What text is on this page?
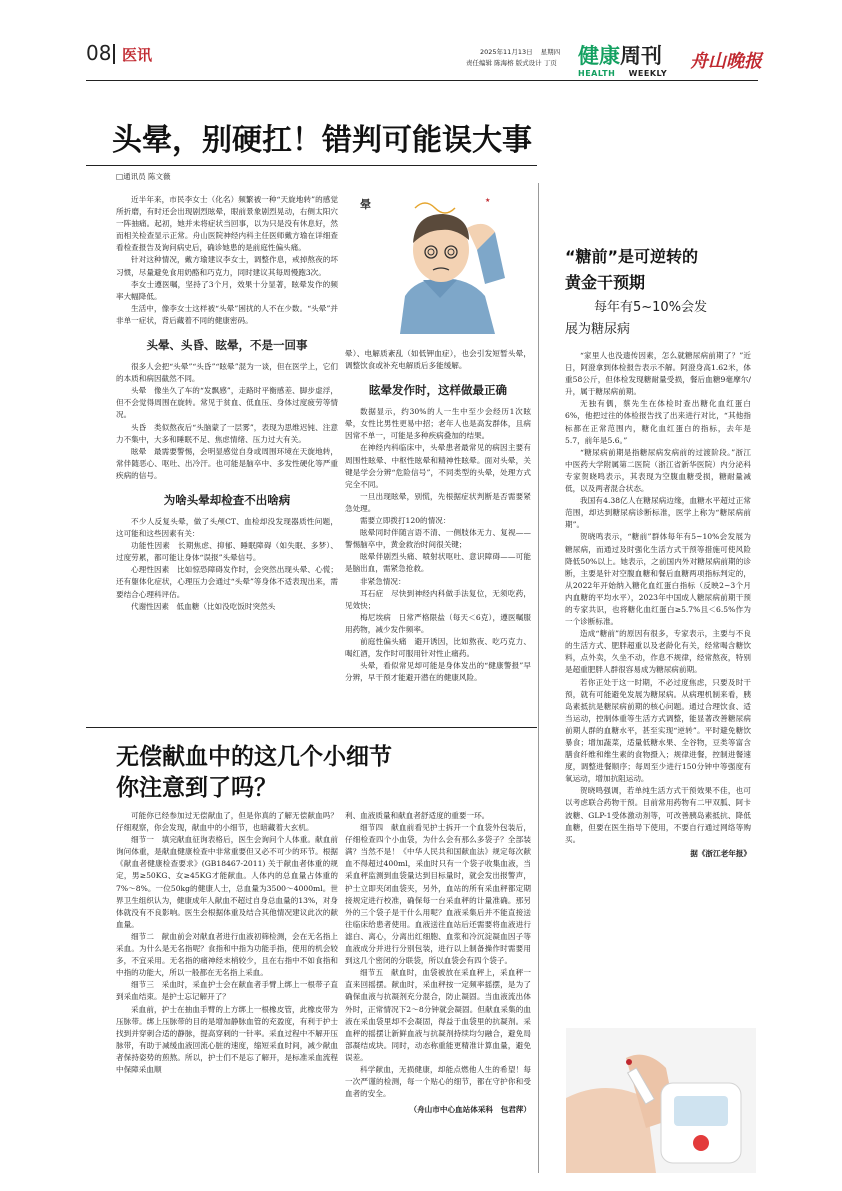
08 医讯	2025年11月13日 星期四
责任编辑 陈海榕 版式设计 丁页 健康周刊
HEALTH WEEKLY
舟山晚报
头晕，别硬扛！错判可能误大事
□通讯员 陈文薇
★
晕

近半年来，市民李女士（化名）频繁被一种“天旋地转”的感觉所折磨，有时还会出现剧烈眩晕，眼前景象剧烈晃动，右侧太阳穴一阵抽痛。起初，她并未将症状当回事，以为只是没有休息好，然而相关检查显示正常。舟山医院神经内科主任医师戴方瑜在详细查看检查报告及询问病史后，确诊她患的是前庭性偏头痛。

针对这种情况，戴方瑜建议李女士，调整作息，戒掉熬夜的坏习惯，尽量避免食用奶酪和巧克力，同时建议其每周慢跑3次。

李女士遵医嘱，坚持了3个月，效果十分显著，眩晕发作的频率大幅降低。

生活中，像李女士这样被“头晕”困扰的人不在少数。“头晕”并非单一症状，背后藏着不同的健康密码。

头晕、头昏、眩晕，不是一回事

很多人会把“头晕”“头昏”“眩晕”混为一谈，但在医学上，它们的本质和病因截然不同。

头晕　像坐久了车的“发飘感”，走路时平衡感差、脚步虚浮，但不会觉得周围在旋转。常见于贫血、低血压、身体过度疲劳等情况。

头昏　类似熬夜后“头脑蒙了一层雾”，表现为思维迟钝、注意力不集中，大多和睡眠不足、焦虑情绪、压力过大有关。

眩晕　最需要警惕，会明显感觉自身或周围环境在天旋地转，常伴随恶心、呕吐、出冷汗。也可能是脑卒中、多发性硬化等严重疾病的信号。

为啥头晕却检查不出啥病

不少人反复头晕，做了头颅CT、血检却没发现器质性问题，这可能和这些因素有关：

功能性因素　长期焦虑、抑郁、睡眠障碍（如失眠、多梦）、过度劳累，都可能让身体“误报”头晕信号。

心理性因素　比如惊恐障碍发作时，会突然出现头晕、心慌；还有躯体化症状，心理压力会通过“头晕”等身体不适表现出来，需要结合心理科评估。

代谢性因素　低血糖（比如没吃饭时突然头

晕）、电解质紊乱（如低钾血症），也会引发短暂头晕，调整饮食或补充电解质后多能缓解。

眩晕发作时，这样做最正确

数据显示，约30%的人一生中至少会经历1次眩晕，女性比男性更易中招；老年人也是高发群体，且病因常不单一，可能是多种疾病叠加的结果。

在神经内科临床中，头晕患者最常见的病因主要有周围性眩晕、中枢性眩晕和精神性眩晕。面对头晕，关键是学会分辨“危险信号”，不同类型的头晕，处理方式完全不同。

一旦出现眩晕，别慌，先根据症状判断是否需要紧急处理。

需要立即拨打120的情况：

眩晕同时伴随言语不清、一侧肢体无力、复视——警惕脑卒中，黄金救治时间很关键；

眩晕伴剧烈头痛、喷射状呕吐、意识障碍——可能是脑出血，需紧急抢救。

非紧急情况：

耳石症　尽快到神经内科做手法复位，无须吃药，见效快；

梅尼埃病　日常严格限盐（每天＜6克），遵医嘱服用药物，减少发作频率。

前庭性偏头痛　避开诱因，比如熬夜、吃巧克力、喝红酒，发作时可服用针对性止痛药。

头晕，看似常见却可能是身体发出的“健康警报”早分辨，早干预才能避开潜在的健康风险。

无偿献血中的这几个小细节
你注意到了吗？

可能你已经参加过无偿献血了，但是你真的了解无偿献血吗？仔细观察，你会发现，献血中的小细节，也暗藏着大玄机。

细节一　填完献血征询表格后，医生会询问个人体重。献血前询问体重，是献血健康检查中非常重要但又必不可少的环节。根据《献血者健康检查要求》(GB18467-2011) 关于献血者体重的规定，男≥50KG、女≥45KG才能献血。人体内的总血量占体重的7%～8%。一位50kg的健康人士，总血量为3500～4000ml。世界卫生组织认为，健康成年人献血不超过自身总血量的13%，对身体就没有不良影响。医生会根据体重及结合其他情况建议此次的献血量。

细节二　献血前会对献血者进行血液初筛检测，会在无名指上采血。为什么是无名指呢？食指和中指为功能手指，使用的机会较多，不宜采用。无名指的痛神经末梢较少，且在右指中不如食指和中指的功能大，所以一般都在无名指上采血。

细节三　采血时，采血护士会在献血者手臂上绑上一根带子直到采血结束。是护士忘记解开了？

采血前，护士在抽血手臂的上方绑上一根橡皮管，此橡皮带为压脉带。绑上压脉带的目的是增加静脉血管的充盈度，有利于护士找到并穿刺合适的静脉，提高穿刺的一针率。采血过程中不解开压脉带，有助于减缓血液回流心脏的速度，缩短采血时间，减少献血者保持姿势的煎熬。所以，护士们不是忘了解开，是标准采血流程中保障采血顺

利、血液质量和献血者舒适度的重要一环。

细节四　献血前看见护士拆开一个血袋外包装后，仔细检查四个小血袋，为什么会有那么多袋子？全部装满？当然不是！《中华人民共和国献血法》规定每次献血不得超过400ml，采血时只有一个袋子收集血液，当采血秤监测到血袋量达到目标量时，就会发出报警声，护士立即夹闭血袋夹，另外，血站的所有采血秤都定期接规定进行校准，确保每一台采血秤的计量准确。那另外的三个袋子是干什么用呢？血液采集后并不能直接送往临床给患者使用。血液送往血站后还需要将血液进行滤白、离心，分离出红细胞、血浆和冷沉淀凝血因子等血液成分并进行分别包装，进行以上制备操作时需要用到这几个密闭的分联袋，所以血袋会有四个袋子。

细节五　献血时，血袋被放在采血秤上，采血秤一直来回摇摆。献血时，采血秤按一定频率摇摆，是为了确保血液与抗凝剂充分混合，防止凝固。当血液流出体外时，正常情况下2～8分钟就会凝固。但献血采集的血液在采血袋里却不会凝固，得益于血袋里的抗凝剂。采血秤的摇摆让新鲜血液与抗凝剂持续均匀融合，避免局部凝结成块。同时，动态称重能更精准计算血量，避免误差。

科学献血，无损健康，却能点燃他人生的希望！每一次严谨的检测，每一个贴心的细节，都在守护你和受血者的安全。

（舟山市中心血站体采科　包君萍）

“糖前”是可逆转的
黄金干预期
每年有5~10%会发
展为糖尿病

“家里人也没遗传因素，怎么就糖尿病前期了？”近日，阿澄拿到体检报告表示不解。阿澄身高1.62米，体重58公斤，但体检发现糖耐量受损，餐后血糖9毫摩尔/升，属于糖尿病前期。

无独有偶，蔡先生在体检时查出糖化血红蛋白6%，他把过往的体检报告找了出来进行对比，“其他指标都在正常范围内，糖化血红蛋白的指标，去年是5.7，前年是5.6。”

“糖尿病前期是指糖尿病发病前的过渡阶段。”浙江中医药大学附属第二医院（浙江省新华医院）内分泌科专家贺晓鸣表示，其表现为空腹血糖受损，糖耐量减低，以及两者混合状态。

我国有4.38亿人在糖尿病边缘，血糖水平超过正常范围，却达到糖尿病诊断标准，医学上称为“糖尿病前期”。

贺晓鸣表示，“糖前”群体每年有5~10%会发展为糖尿病，而通过及时强化生活方式干预等措施可使风险降低50%以上。她表示，之前国内外对糖尿病前期的诊断，主要是针对空腹血糖和餐后血糖两项指标判定的，从2022年开始纳入糖化血红蛋白指标（反映2~3个月内血糖的平均水平），2023年中国成人糖尿病前期干预的专家共识，也将糖化血红蛋白≥5.7%且＜6.5%作为一个诊断标准。

造成“糖前”的原因有很多，专家表示，主要与不良的生活方式、肥胖超重以及老龄化有关，经常喝含糖饮料，点外卖，久坐不动，作息不规律，经常熬夜，特别是超重肥胖人群很容易成为糖尿病前期。

若你正处于这一时期，不必过度焦虑，只要及时干预，就有可能避免发展为糖尿病。从病理机制来看，胰岛素抵抗是糖尿病前期的核心问题。通过合理饮食、适当运动，控制体重等生活方式调整，能显著改善糖尿病前期人群的血糖水平，甚至实现“逆转”。平时避免糖饮暴食；增加蔬菜，适量低糖水果、全谷物，豆类等富含膳食纤维和维生素的食物摄入；规律进餐，控制进餐速度，调整进餐顺序；每周至少进行150分钟中等强度有氧运动，增加抗阻运动。

贺晓鸣强调，若单纯生活方式干预效果不佳，也可以考虑联合药物干预。目前常用药物有二甲双胍、阿卡波糖、GLP-1受体激动剂等，可改善胰岛素抵抗、降低血糖，但要在医生指导下使用，不要自行通过网络等购买。

据《浙江老年报》
